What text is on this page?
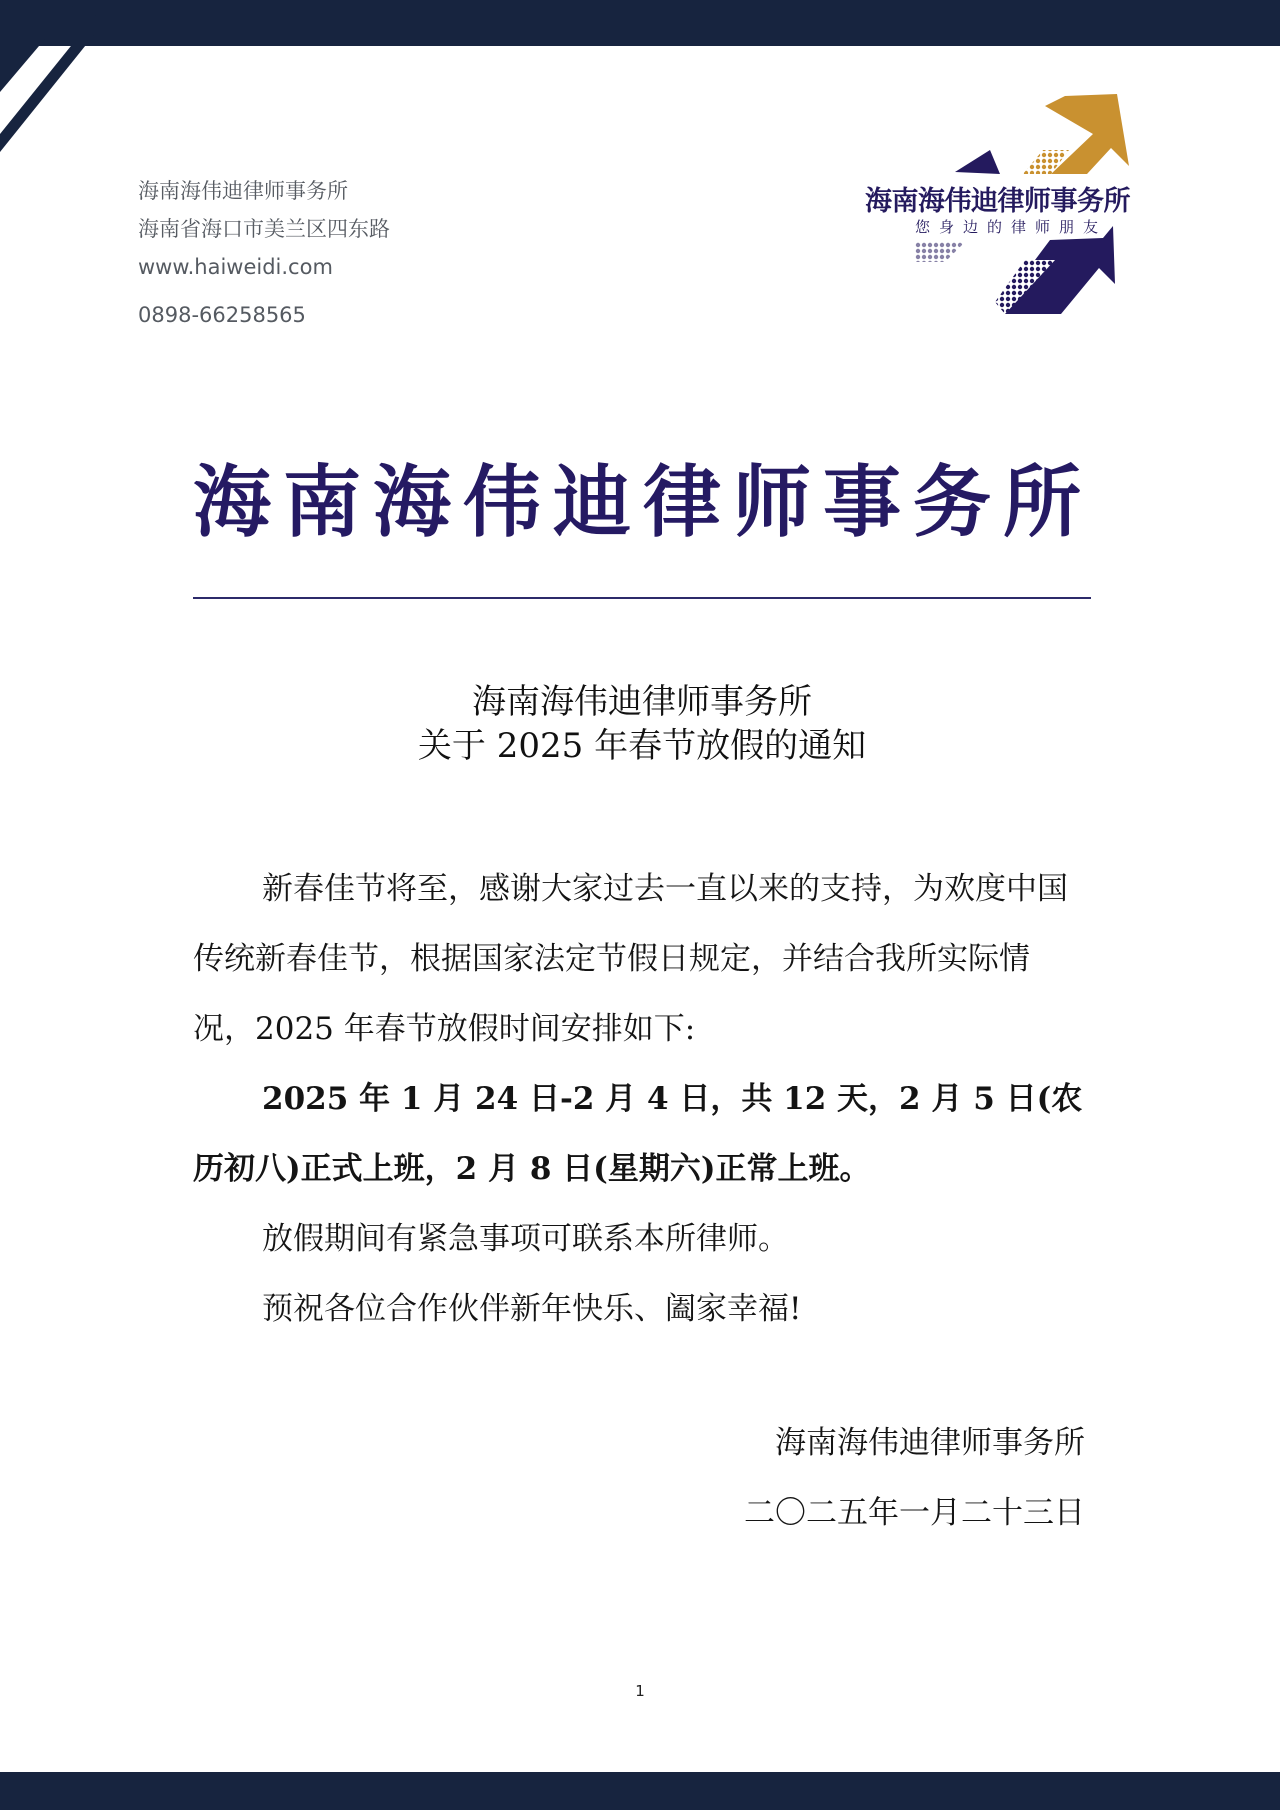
海南海伟迪律师事务所
海南省海口市美兰区四东路
www.haiweidi.com
0898-66258565
海南海伟迪律师事务所
您身边的律师朋友
海南海伟迪律师事务所
海南海伟迪律师事务所
关于 2025 年春节放假的通知

新春佳节将至，感谢大家过去一直以来的支持，为欢度中国传统新春佳节，根据国家法定节假日规定，并结合我所实际情况，2025 年春节放假时间安排如下:

2025 年 1 月 24 日-2 月 4 日，共 12 天，2 月 5 日(农历初八)正式上班，2 月 8 日(星期六)正常上班。

放假期间有紧急事项可联系本所律师。

预祝各位合作伙伴新年快乐、阖家幸福!

海南海伟迪律师事务所
二〇二五年一月二十三日
1
